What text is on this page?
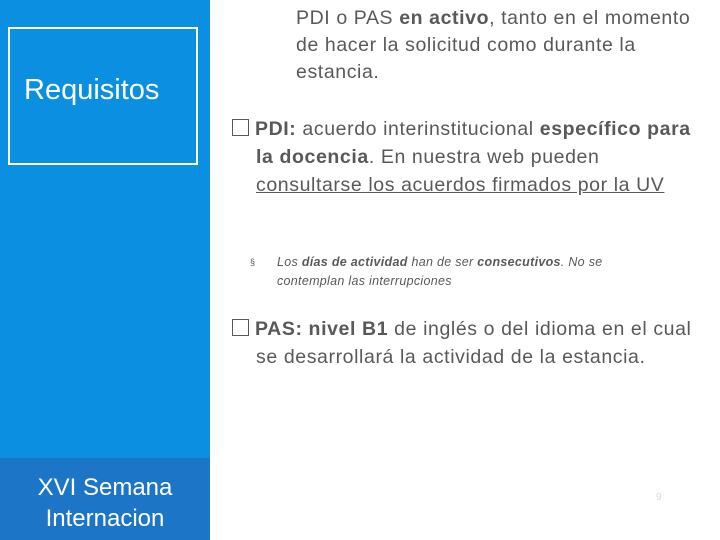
Requisitos
XVI Semana
Internacion
PDI o PAS en activo, tanto en el momento de hacer la solicitud como durante la estancia.
PDI: acuerdo interinstitucional específico para la docencia. En nuestra web pueden consultarse los acuerdos firmados por la UV
§	Los días de actividad han de ser consecutivos. No se contemplan las interrupciones
PAS: nivel B1 de inglés o del idioma en el cual se desarrollará la actividad de la estancia.
9
